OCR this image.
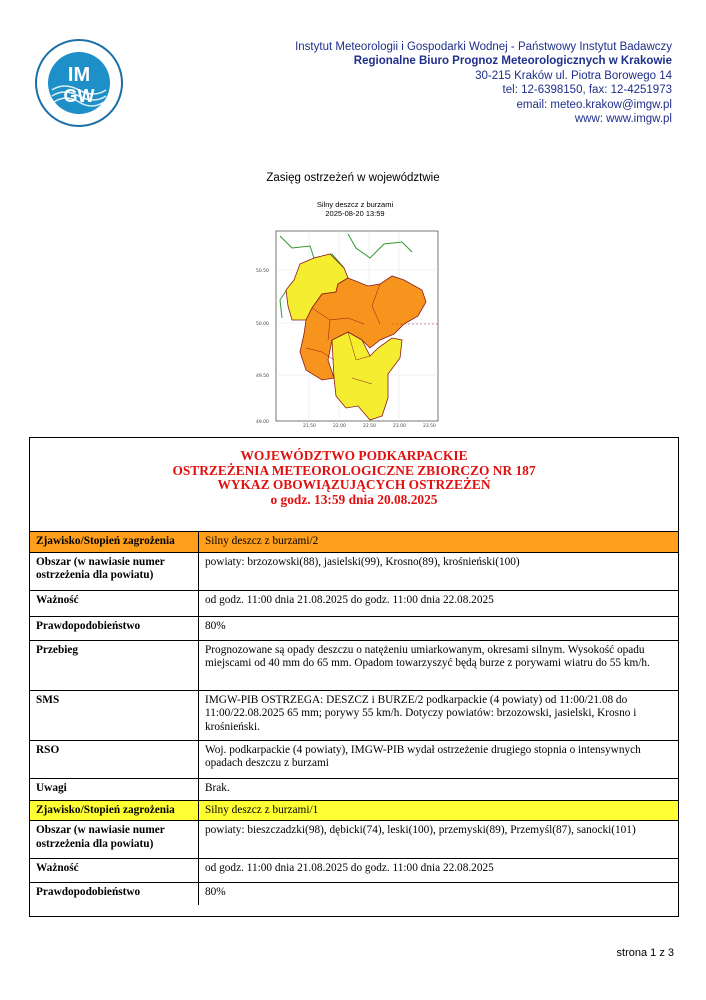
IM
GW
Instytut Meteorologii i Gospodarki Wodnej - Państwowy Instytut Badawczy
Regionalne Biuro Prognoz Meteorologicznych w Krakowie
30-215 Kraków ul. Piotra Borowego 14
tel: 12-6398150, fax: 12-4251973
email: meteo.krakow@imgw.pl
www: www.imgw.pl
Zasięg ostrzeżeń w województwie
Silny deszcz z burzami
2025-08-20 13:59
50.50
50.00
49.50
49.00
21.50	22.00	22.50	23.00	23.50
WOJEWÓDZTWO PODKARPACKIE
OSTRZEŻENIA METEOROLOGICZNE ZBIORCZO NR 187
WYKAZ OBOWIĄZUJĄCYCH OSTRZEŻEŃ
o godz. 13:59 dnia 20.08.2025
Zjawisko/Stopień zagrożenia	Silny deszcz z burzami/2
Obszar (w nawiasie numer ostrzeżenia dla powiatu)	powiaty: brzozowski(88), jasielski(99), Krosno(89), krośnieński(100)
Ważność	od godz. 11:00 dnia 21.08.2025 do godz. 11:00 dnia 22.08.2025
Prawdopodobieństwo	80%
Przebieg	Prognozowane są opady deszczu o natężeniu umiarkowanym, okresami silnym. Wysokość opadu miejscami od 40 mm do 65 mm. Opadom towarzyszyć będą burze z porywami wiatru do 55 km/h.
SMS	IMGW-PIB OSTRZEGA: DESZCZ i BURZE/2 podkarpackie (4 powiaty) od 11:00/21.08 do 11:00/22.08.2025 65 mm; porywy 55 km/h. Dotyczy powiatów: brzozowski, jasielski, Krosno i krośnieński.
RSO	Woj. podkarpackie (4 powiaty), IMGW-PIB wydał ostrzeżenie drugiego stopnia o intensywnych opadach deszczu z burzami
Uwagi	Brak.
Zjawisko/Stopień zagrożenia	Silny deszcz z burzami/1
Obszar (w nawiasie numer ostrzeżenia dla powiatu)	powiaty: bieszczadzki(98), dębicki(74), leski(100), przemyski(89), Przemyśl(87), sanocki(101)
Ważność	od godz. 11:00 dnia 21.08.2025 do godz. 11:00 dnia 22.08.2025
Prawdopodobieństwo	80%
strona 1 z 3
